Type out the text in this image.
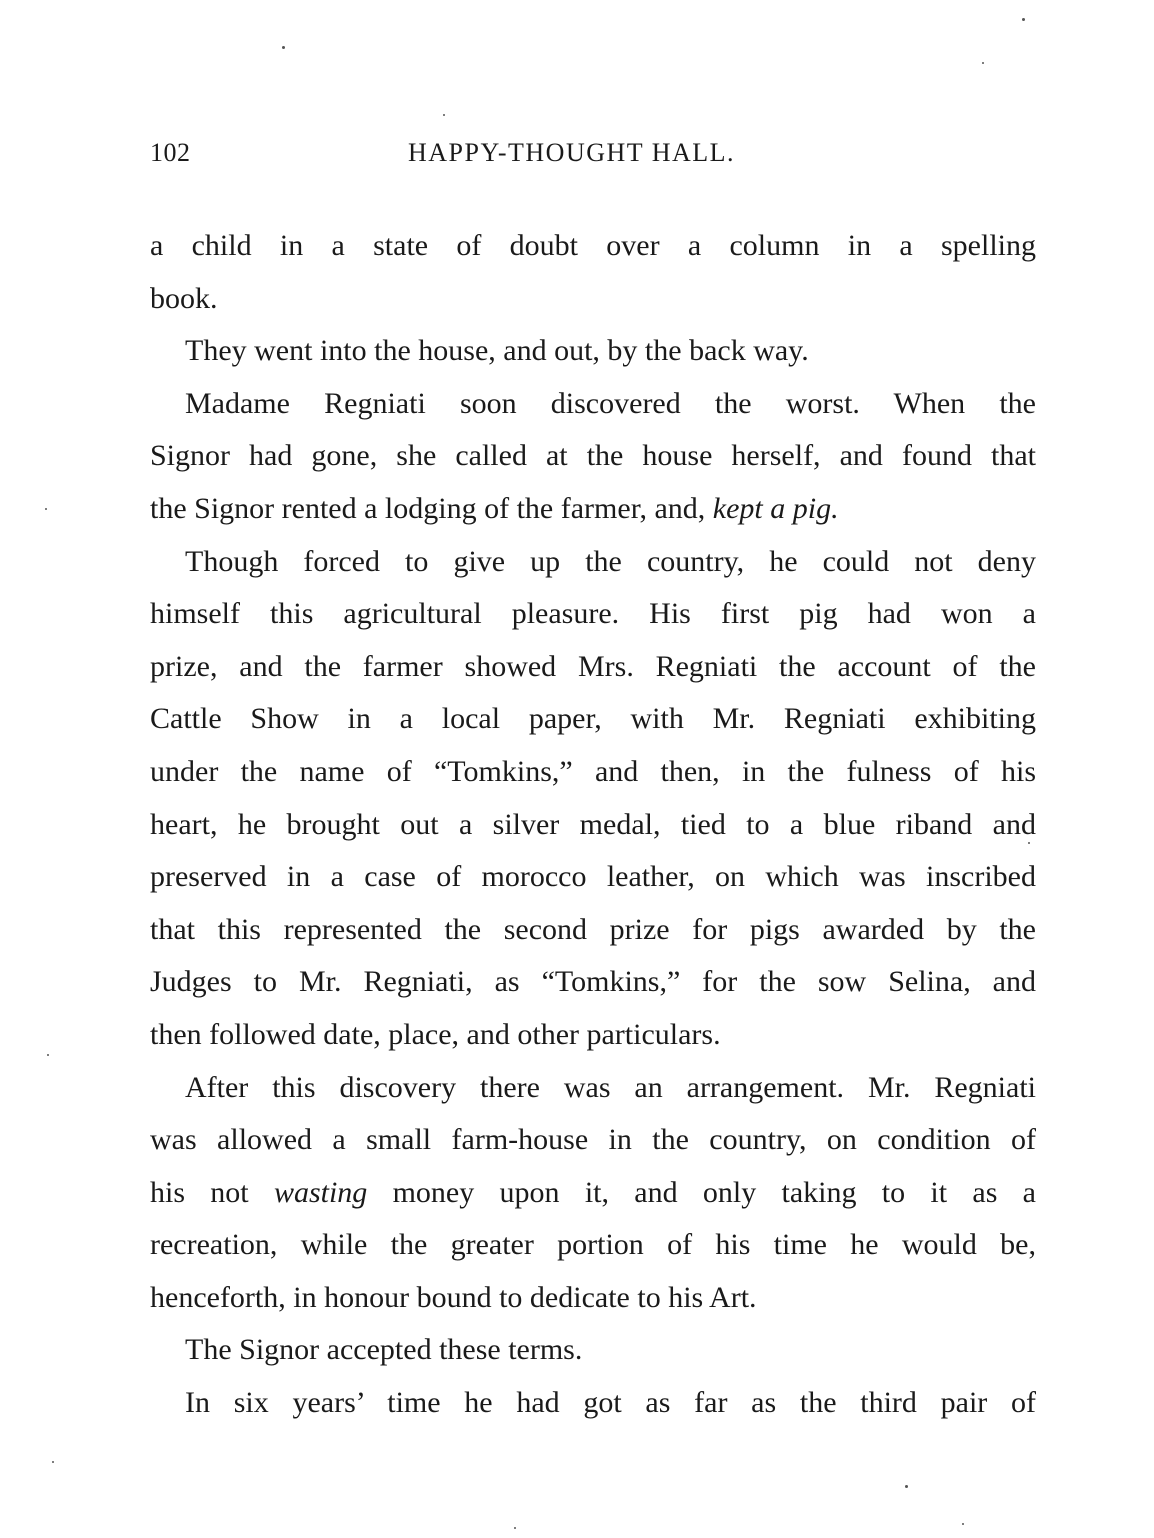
102	HAPPY-THOUGHT HALL.
a child in a state of doubt over a column in a spelling
book.
They went into the house, and out, by the back way.
Madame Regniati soon discovered the worst. When the
Signor had gone, she called at the house herself, and found that
the Signor rented a lodging of the farmer, and, kept a pig.
Though forced to give up the country, he could not deny
himself this agricultural pleasure. His first pig had won a
prize, and the farmer showed Mrs. Regniati the account of the
Cattle Show in a local paper, with Mr. Regniati exhibiting
under the name of “Tomkins,” and then, in the fulness of his
heart, he brought out a silver medal, tied to a blue riband and
preserved in a case of morocco leather, on which was inscribed
that this represented the second prize for pigs awarded by the
Judges to Mr. Regniati, as “Tomkins,” for the sow Selina, and
then followed date, place, and other particulars.
After this discovery there was an arrangement. Mr. Regniati
was allowed a small farm-house in the country, on condition of
his not wasting money upon it, and only taking to it as a
recreation, while the greater portion of his time he would be,
henceforth, in honour bound to dedicate to his Art.
The Signor accepted these terms.
In six years’ time he had got as far as the third pair of
